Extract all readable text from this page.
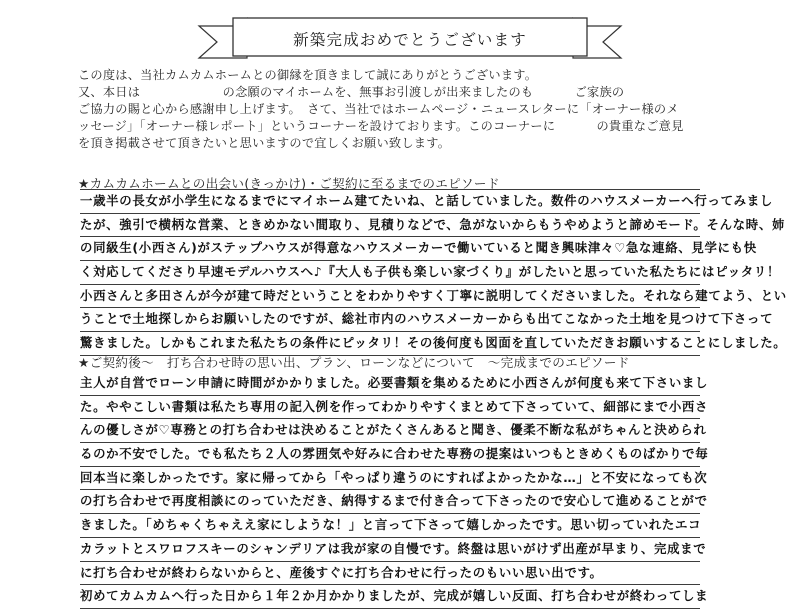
新築完成おめでとうございます
この度は、当社カムカムホームとの御縁を頂きまして誠にありがとうございます。
又、本日は                    の念願のマイホームを、無事お引渡しが出来ましたのも          ご家族の
ご協力の賜と心から感謝申し上げます。　さて、当社ではホームページ・ニュースレターに「オーナー様のメ
ッセージ」「オーナー様レポート」というコーナーを設けております。このコーナーに          の貴重なご意見
を頂き掲載させて頂きたいと思いますので宜しくお願い致します。
★カムカムホームとの出会い(きっかけ)・ご契約に至るまでのエピソード
一歳半の長女が小学生になるまでにマイホーム建てたいね、と話していました。数件のハウスメーカーへ行ってみまし
たが、強引で横柄な営業、ときめかない間取り、見積りなどで、急がないからもうやめようと諦めモード。そんな時、姉
の同級生(小西さん)がステップハウスが得意なハウスメーカーで働いていると聞き興味津々♡急な連絡、見学にも快
く対応してくださり早速モデルハウスへ♪『大人も子供も楽しい家づくり』がしたいと思っていた私たちにはピッタリ！
小西さんと多田さんが今が建て時だということをわかりやすく丁寧に説明してくださいました。それなら建てよう、とい
うことで土地探しからお願いしたのですが、総社市内のハウスメーカーからも出てこなかった土地を見つけて下さって
驚きました。しかもこれまた私たちの条件にピッタリ！その後何度も図面を直していただきお願いすることにしました。
★ご契約後～　打ち合わせ時の思い出、プラン、ローンなどについて　～完成までのエピソード
主人が自営でローン申請に時間がかかりました。必要書類を集めるために小西さんが何度も来て下さいまし
た。ややこしい書類は私たち専用の記入例を作ってわかりやすくまとめて下さっていて、細部にまで小西さ
んの優しさが♡専務との打ち合わせは決めることがたくさんあると聞き、優柔不断な私がちゃんと決められ
るのか不安でした。でも私たち２人の雰囲気や好みに合わせた専務の提案はいつもときめくものばかりで毎
回本当に楽しかったです。家に帰ってから「やっぱり違うのにすればよかったかな…」と不安になっても次
の打ち合わせで再度相談にのっていただき、納得するまで付き合って下さったので安心して進めることがで
きました。「めちゃくちゃええ家にしような！」と言って下さって嬉しかったです。思い切っていれたエコ
カラットとスワロフスキーのシャンデリアは我が家の自慢です。終盤は思いがけず出産が早まり、完成まで
に打ち合わせが終わらないからと、産後すぐに打ち合わせに行ったのもいい思い出です。
初めてカムカムへ行った日から１年２か月かかりましたが、完成が嬉しい反面、打ち合わせが終わってしま
